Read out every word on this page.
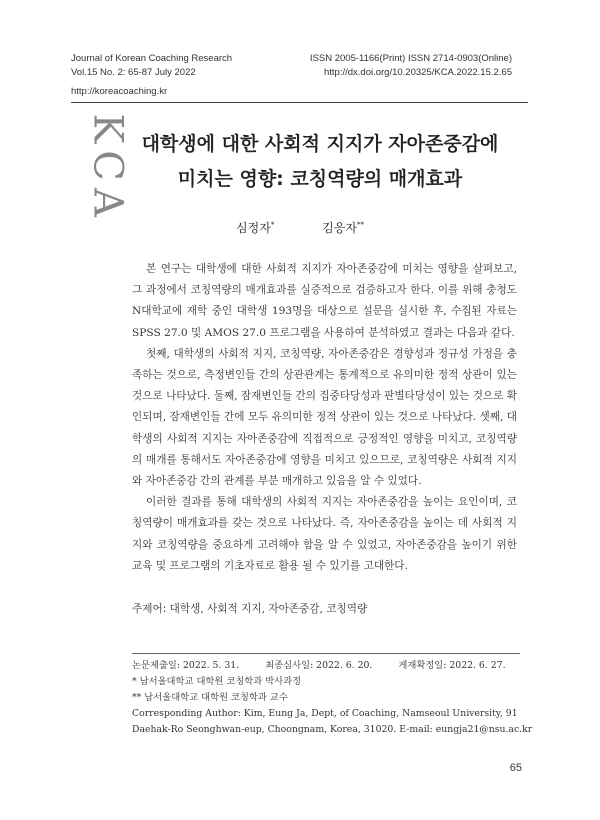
Journal of Korean Coaching Research
Vol.15 No. 2: 65-87 July 2022
ISSN 2005-1166(Print) ISSN 2714-0903(Online)
http://dx.doi.org/10.20325/KCA.2022.15.2.65
http://koreacoaching.kr
K
C
A
대학생에 대한 사회적 지지가 자아존중감에
미치는 영향: 코칭역량의 매개효과
심정자*	김응자**

본 연구는 대학생에 대한 사회적 지지가 자아존중감에 미치는 영향을 살펴보고, 그 과정에서 코칭역량의 매개효과를 실증적으로 검증하고자 한다. 이를 위해 충청도 N대학교에 재학 중인 대학생 193명을 대상으로 설문을 실시한 후, 수집된 자료는 SPSS 27.0 및 AMOS 27.0 프로그램을 사용하여 분석하였고 결과는 다음과 같다.

첫째, 대학생의 사회적 지지, 코칭역량, 자아존중감은 경향성과 정규성 가정을 충족하는 것으로, 측정변인들 간의 상관관계는 통계적으로 유의미한 정적 상관이 있는 것으로 나타났다. 둘째, 잠재변인들 간의 집중타당성과 판별타당성이 있는 것으로 확인되며, 잠재변인들 간에 모두 유의미한 정적 상관이 있는 것으로 나타났다. 셋째, 대학생의 사회적 지지는 자아존중감에 직접적으로 긍정적인 영향을 미치고, 코칭역량의 매개를 통해서도 자아존중감에 영향을 미치고 있으므로, 코칭역량은 사회적 지지와 자아존중감 간의 관계를 부분 매개하고 있음을 알 수 있었다.

이러한 결과를 통해 대학생의 사회적 지지는 자아존중감을 높이는 요인이며, 코칭역량이 매개효과를 갖는 것으로 나타났다. 즉, 자아존중감을 높이는 데 사회적 지지와 코칭역량을 중요하게 고려해야 함을 알 수 있었고, 자아존중감을 높이기 위한 교육 및 프로그램의 기초자료로 활용 될 수 있기를 고대한다.

주제어: 대학생, 사회적 지지, 자아존중감, 코칭역량
논문제출일: 2022. 5. 31.	최종심사일: 2022. 6. 20.	게재확정일: 2022. 6. 27.
* 남서울대학교 대학원 코칭학과 박사과정
** 남서울대학교 대학원 코칭학과 교수
Corresponding Author: Kim, Eung Ja, Dept, of Coaching, Namseoul University, 91
Daehak-Ro Seonghwan-eup, Choongnam, Korea, 31020. E-mail: eungja21@nsu.ac.kr
65
